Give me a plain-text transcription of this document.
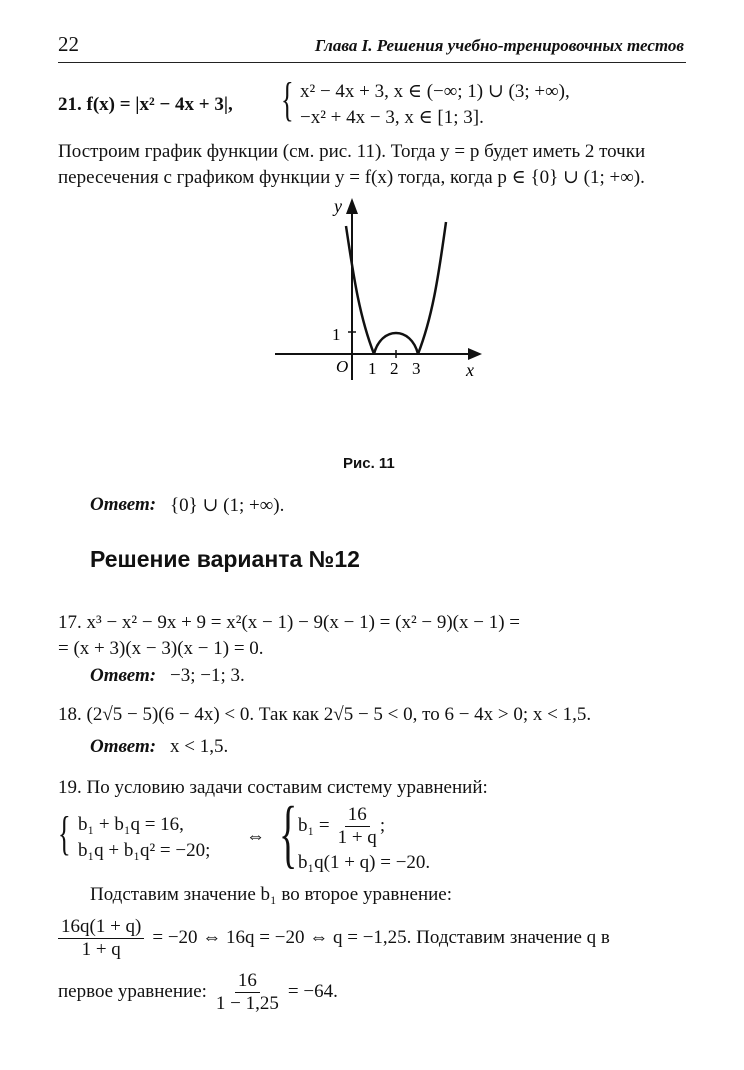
22	Глава I. Решения учебно-тренировочных тестов
21. f(x) = |x² − 4x + 3|, { x² − 4x + 3, x ∈ (−∞; 1) ∪ (3; +∞),
−x² + 4x − 3, x ∈ [1; 3].
Построим график функции (см. рис. 11). Тогда y = p будет иметь 2 точки
пересечения с графиком функции y = f(x) тогда, когда p ∈ {0} ∪ (1; +∞).
y
x
O
1
1 2 3
Рис. 11
Ответ: {0} ∪ (1; +∞).
Решение варианта №12
17. x³ − x² − 9x + 9 = x²(x − 1) − 9(x − 1) = (x² − 9)(x − 1) =
= (x + 3)(x − 3)(x − 1) = 0.
Ответ: −3; −1; 3.
18. (2√5 − 5)(6 − 4x) < 0. Так как 2√5 − 5 < 0, то 6 − 4x > 0; x < 1,5.
Ответ: x < 1,5.
19. По условию задачи составим систему уравнений:
{ b₁ + b₁q = 16,
b₁q + b₁q² = −20;
⇔ { $b_1 = \frac{16}{1 + q}$ ;
b₁q(1 + q) = −20.
Подставим значение b₁ во второе уравнение:
$\frac{16q(1 + q)}{1 + q} = -20$ ⇔ 16q = −20 ⇔ q = −1,25. Подставим значение q в
первое уравнение: $\frac{16}{1 - 1,25} = -64$.
